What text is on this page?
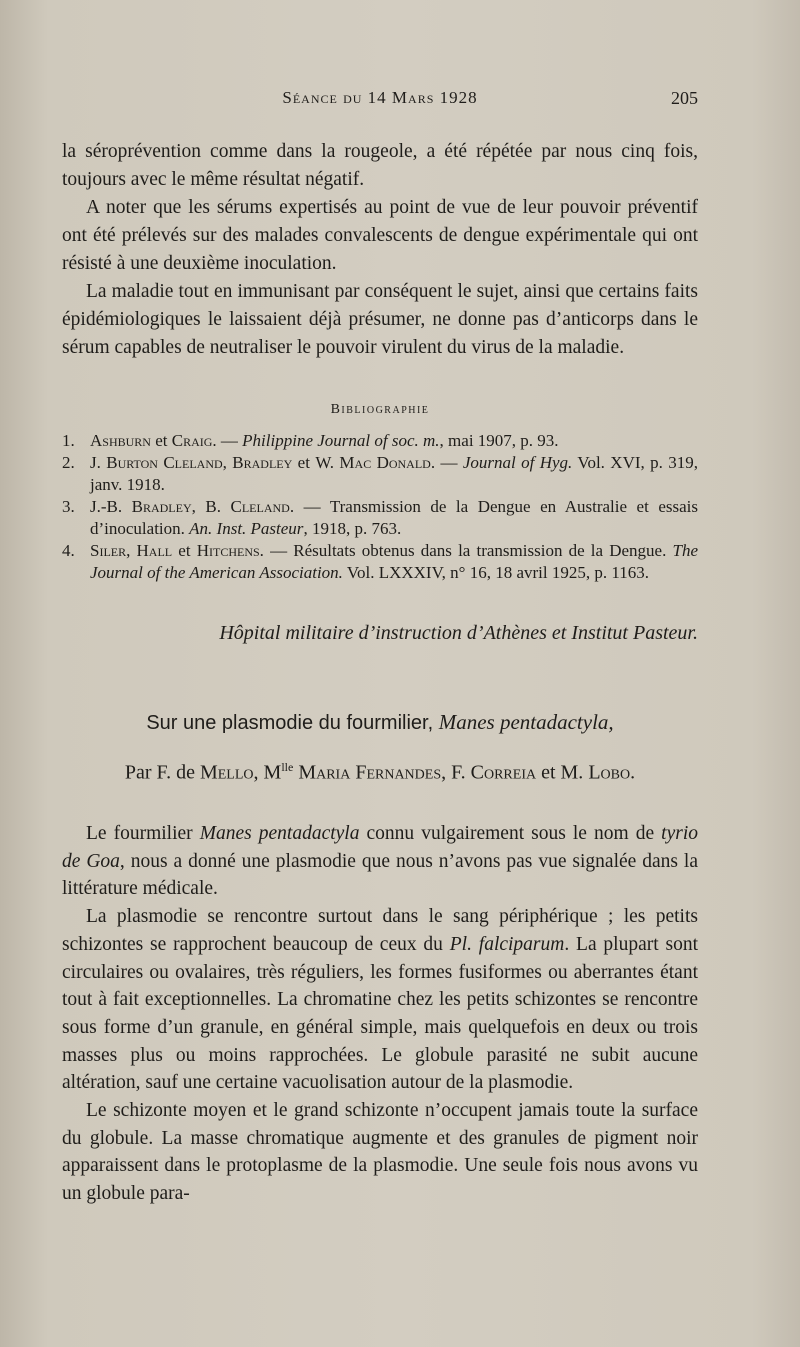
Séance du 14 Mars 1928	205

la séroprévention comme dans la rougeole, a été répétée par nous cinq fois, toujours avec le même résultat négatif.

A noter que les sérums expertisés au point de vue de leur pouvoir préventif ont été prélevés sur des malades convalescents de dengue expérimentale qui ont résisté à une deuxième inoculation.

La maladie tout en immunisant par conséquent le sujet, ainsi que certains faits épidémiologiques le laissaient déjà présumer, ne donne pas d’anticorps dans le sérum capables de neutraliser le pouvoir virulent du virus de la maladie.

Bibliographie
1. Ashburn et Craig. — Philippine Journal of soc. m., mai 1907, p. 93.
2. J. Burton Cleland, Bradley et W. Mac Donald. — Journal of Hyg. Vol. XVI, p. 319, janv. 1918.
3. J.-B. Bradley, B. Cleland. — Transmission de la Dengue en Australie et essais d’inoculation. An. Inst. Pasteur, 1918, p. 763.
4. Siler, Hall et Hitchens. — Résultats obtenus dans la transmission de la Dengue. The Journal of the American Association. Vol. LXXXIV, n° 16, 18 avril 1925, p. 1163.
Hôpital militaire d’instruction d’Athènes et Institut Pasteur.
Sur une plasmodie du fourmilier, Manes pentadactyla,
Par F. de Mello, $M^{lle}$ Maria Fernandes, F. Correia et M. Lobo.

Le fourmilier Manes pentadactyla connu vulgairement sous le nom de tyrio de Goa, nous a donné une plasmodie que nous n’avons pas vue signalée dans la littérature médicale.

La plasmodie se rencontre surtout dans le sang périphérique ; les petits schizontes se rapprochent beaucoup de ceux du Pl. falciparum. La plupart sont circulaires ou ovalaires, très réguliers, les formes fusiformes ou aberrantes étant tout à fait exceptionnelles. La chromatine chez les petits schizontes se rencontre sous forme d’un granule, en général simple, mais quelquefois en deux ou trois masses plus ou moins rapprochées. Le globule parasité ne subit aucune altération, sauf une certaine vacuolisation autour de la plasmodie.

Le schizonte moyen et le grand schizonte n’occupent jamais toute la surface du globule. La masse chromatique augmente et des granules de pigment noir apparaissent dans le protoplasme de la plasmodie. Une seule fois nous avons vu un globule para-
